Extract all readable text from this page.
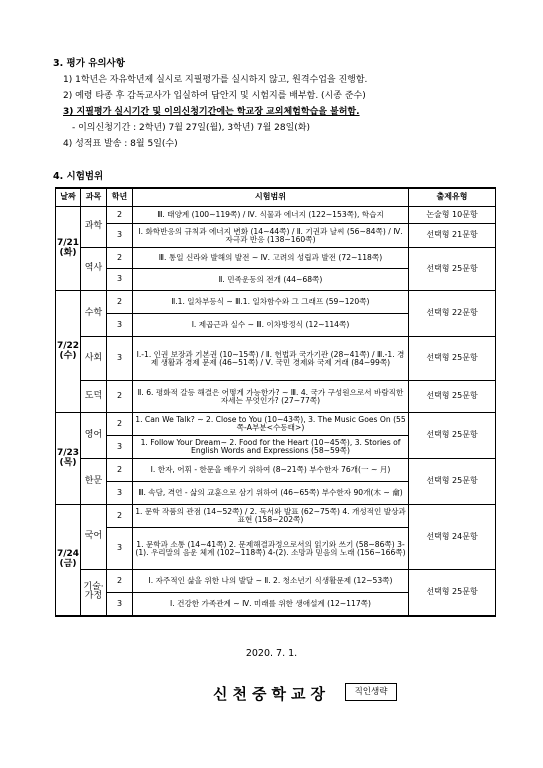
3. 평가 유의사항
1) 1학년은 자유학년제 실시로 지필평가를 실시하지 않고, 원격수업을 진행함.
2) 예령 타종 후 감독교사가 입실하여 답안지 및 시험지를 배부함. (시종 준수)
3) 지필평가 실시기간 및 이의신청기간에는 학교장 교외체험학습을 불허함.
- 이의신청기간 : 2학년) 7월 27일(월), 3학년) 7월 28일(화)
4) 성적표 발송 : 8월 5일(수)
4. 시험범위
날짜	과목	학년	시험범위	출제유형
7/21 (화)	과학	2	Ⅲ. 태양계 (100~119쪽) / Ⅳ. 식물과 에너지 (122~153쪽), 학습지	논술형 10문항
		3	Ⅰ. 화학반응의 규칙과 에너지 변화 (14~44쪽) / Ⅱ. 기권과 날씨 (56~84쪽) / Ⅳ. 자극과 반응 (138~160쪽)	선택형 21문항
	역사	2	Ⅲ. 통일 신라와 발해의 발전 ~ Ⅳ. 고려의 성립과 발전 (72~118쪽)	선택형 25문항
		3	Ⅱ. 민족운동의 전개 (44~68쪽)	
7/22 (수)	수학	2	Ⅱ.1. 일차부등식 ~ Ⅲ.1. 일차함수와 그 그래프 (59~120쪽)	선택형 22문항
		3	Ⅰ. 제곱근과 실수 ~ Ⅲ. 이차방정식 (12~114쪽)	
	사회	3	Ⅰ.-1. 인권 보장과 기본권 (10~15쪽) / Ⅱ. 헌법과 국가기관 (28~41쪽) / Ⅲ.-1. 경제 생활과 경제 문제 (46~51쪽) / Ⅴ. 국민 경제와 국제 거래 (84~99쪽)	선택형 25문항
	도덕	2	Ⅱ. 6. 평화적 갈등 해결은 어떻게 가능한가? ~ Ⅲ. 4. 국가 구성원으로서 바람직한 자세는 무엇인가? (27~77쪽)	선택형 25문항
7/23 (목)	영어	2	1. Can We Talk? ~ 2. Close to You (10~43쪽), 3. The Music Goes On (55쪽-A부분<수동태>)	선택형 25문항
		3	1. Follow Your Dream~ 2. Food for the Heart (10~45쪽), 3. Stories of English Words and Expressions (58~59쪽)	
	한문	2	Ⅰ. 한자, 어휘 - 한문을 배우기 위하여 (8~21쪽) 부수한자 76개(一 ~ 月)	선택형 25문항
		3	Ⅲ. 속담, 격언 - 삶의 교훈으로 삼기 위하여 (46~65쪽) 부수한자 90개(木 ~ 龠)	
7/24 (금)	국어	2	1. 문학 작품의 관점 (14~52쪽) / 2. 독서와 발표 (62~75쪽) 4. 개성적인 발상과 표현 (158~202쪽)	선택형 24문항
		3	1. 문학과 소통 (14~41쪽) 2. 문제해결과정으로서의 읽기와 쓰기 (58~86쪽) 3-(1). 우리말의 음운 체계 (102~118쪽) 4-(2). 소망과 믿음의 노래 (156~166쪽)	
	기술·가정	2	Ⅰ. 자주적인 삶을 위한 나의 발달 ~ Ⅱ. 2. 청소년기 식생활문제 (12~53쪽)	선택형 25문항
		3	Ⅰ. 건강한 가족관계 ~ Ⅳ. 미래를 위한 생애설계 (12~117쪽)	
2020. 7. 1.
신천중학교장	직인생략
